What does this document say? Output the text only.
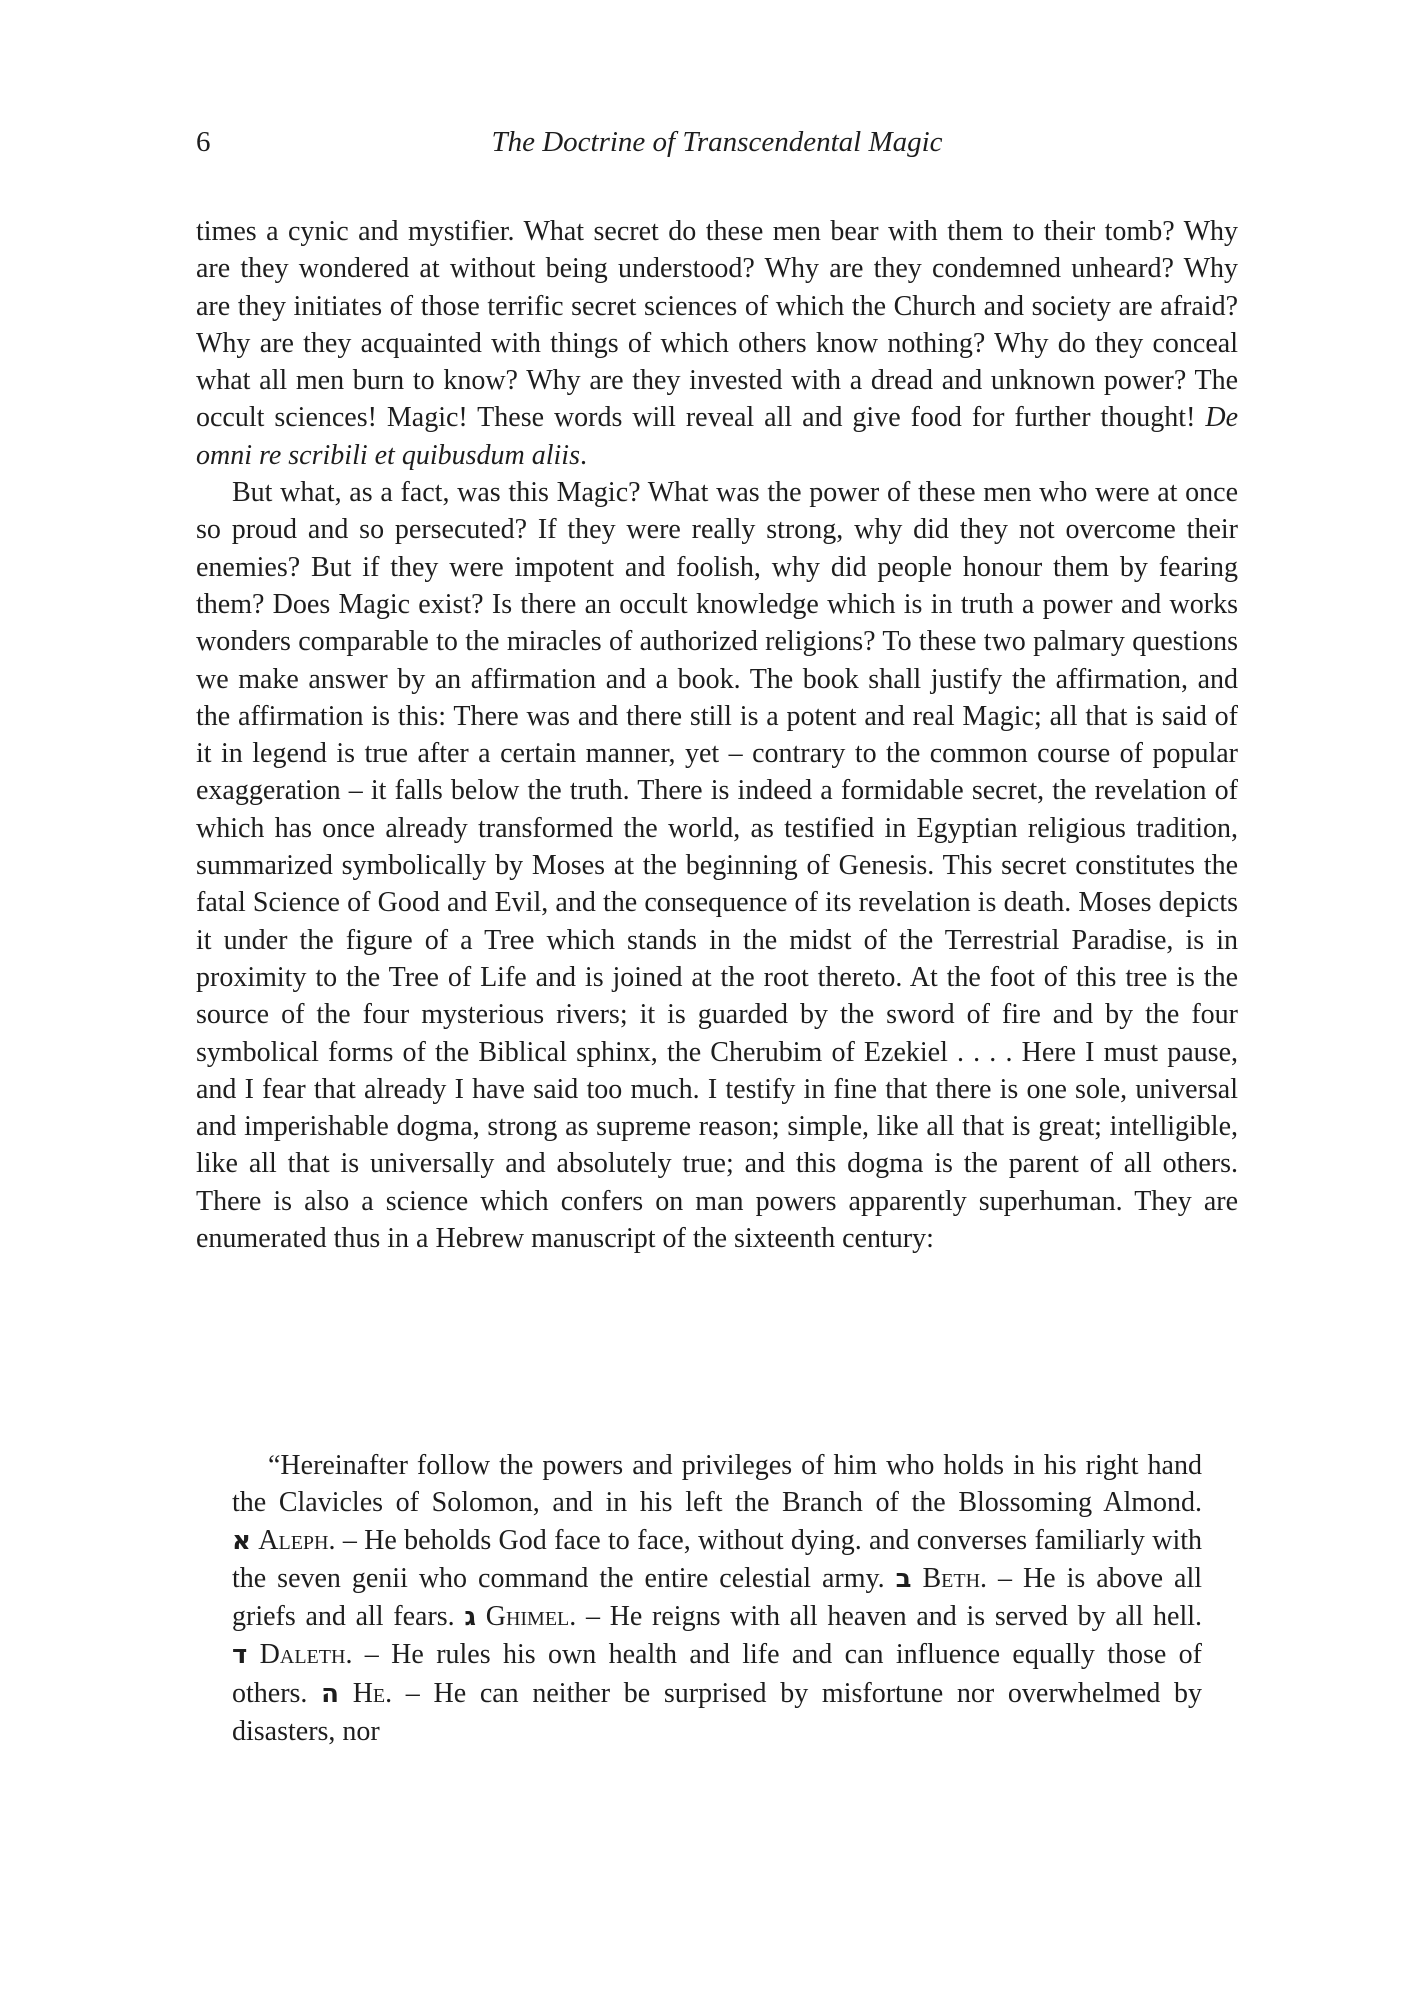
6	The Doctrine of Transcendental Magic

times a cynic and mystifier. What secret do these men bear with them to their tomb? Why are they wondered at without being understood? Why are they condemned unheard? Why are they initiates of those terrific secret sciences of which the Church and society are afraid? Why are they acquainted with things of which others know nothing? Why do they conceal what all men burn to know? Why are they invested with a dread and unknown power? The occult sciences! Magic! These words will reveal all and give food for further thought! De omni re scribili et quibusdum aliis.

But what, as a fact, was this Magic? What was the power of these men who were at once so proud and so persecuted? If they were really strong, why did they not overcome their enemies? But if they were impotent and foolish, why did people honour them by fearing them? Does Magic exist? Is there an occult knowledge which is in truth a power and works wonders comparable to the miracles of authorized religions? To these two palmary questions we make answer by an affirmation and a book. The book shall justify the affirmation, and the affirmation is this: There was and there still is a potent and real Magic; all that is said of it in legend is true after a certain manner, yet – contrary to the common course of popular exaggeration – it falls below the truth. There is indeed a formidable secret, the revelation of which has once already transformed the world, as testified in Egyptian religious tradition, summarized symbolically by Moses at the beginning of Genesis. This secret constitutes the fatal Science of Good and Evil, and the consequence of its revelation is death. Moses depicts it under the figure of a Tree which stands in the midst of the Terrestrial Paradise, is in proximity to the Tree of Life and is joined at the root thereto. At the foot of this tree is the source of the four mysterious rivers; it is guarded by the sword of fire and by the four symbolical forms of the Biblical sphinx, the Cherubim of Ezekiel . . . . Here I must pause, and I fear that already I have said too much. I testify in fine that there is one sole, universal and imperishable dogma, strong as supreme reason; simple, like all that is great; intelligible, like all that is universally and absolutely true; and this dogma is the parent of all others. There is also a science which confers on man powers apparently superhuman. They are enumerated thus in a Hebrew manuscript of the sixteenth century:

“Hereinafter follow the powers and privileges of him who holds in his right hand the Clavicles of Solomon, and in his left the Branch of the Blossoming Almond. א Aleph. – He beholds God face to face, without dying. and converses familiarly with the seven genii who command the entire celestial army. ב Beth. – He is above all griefs and all fears. ג Ghimel. – He reigns with all heaven and is served by all hell. ד Daleth. – He rules his own health and life and can influence equally those of others. ה He. – He can neither be surprised by misfortune nor overwhelmed by disasters, nor
